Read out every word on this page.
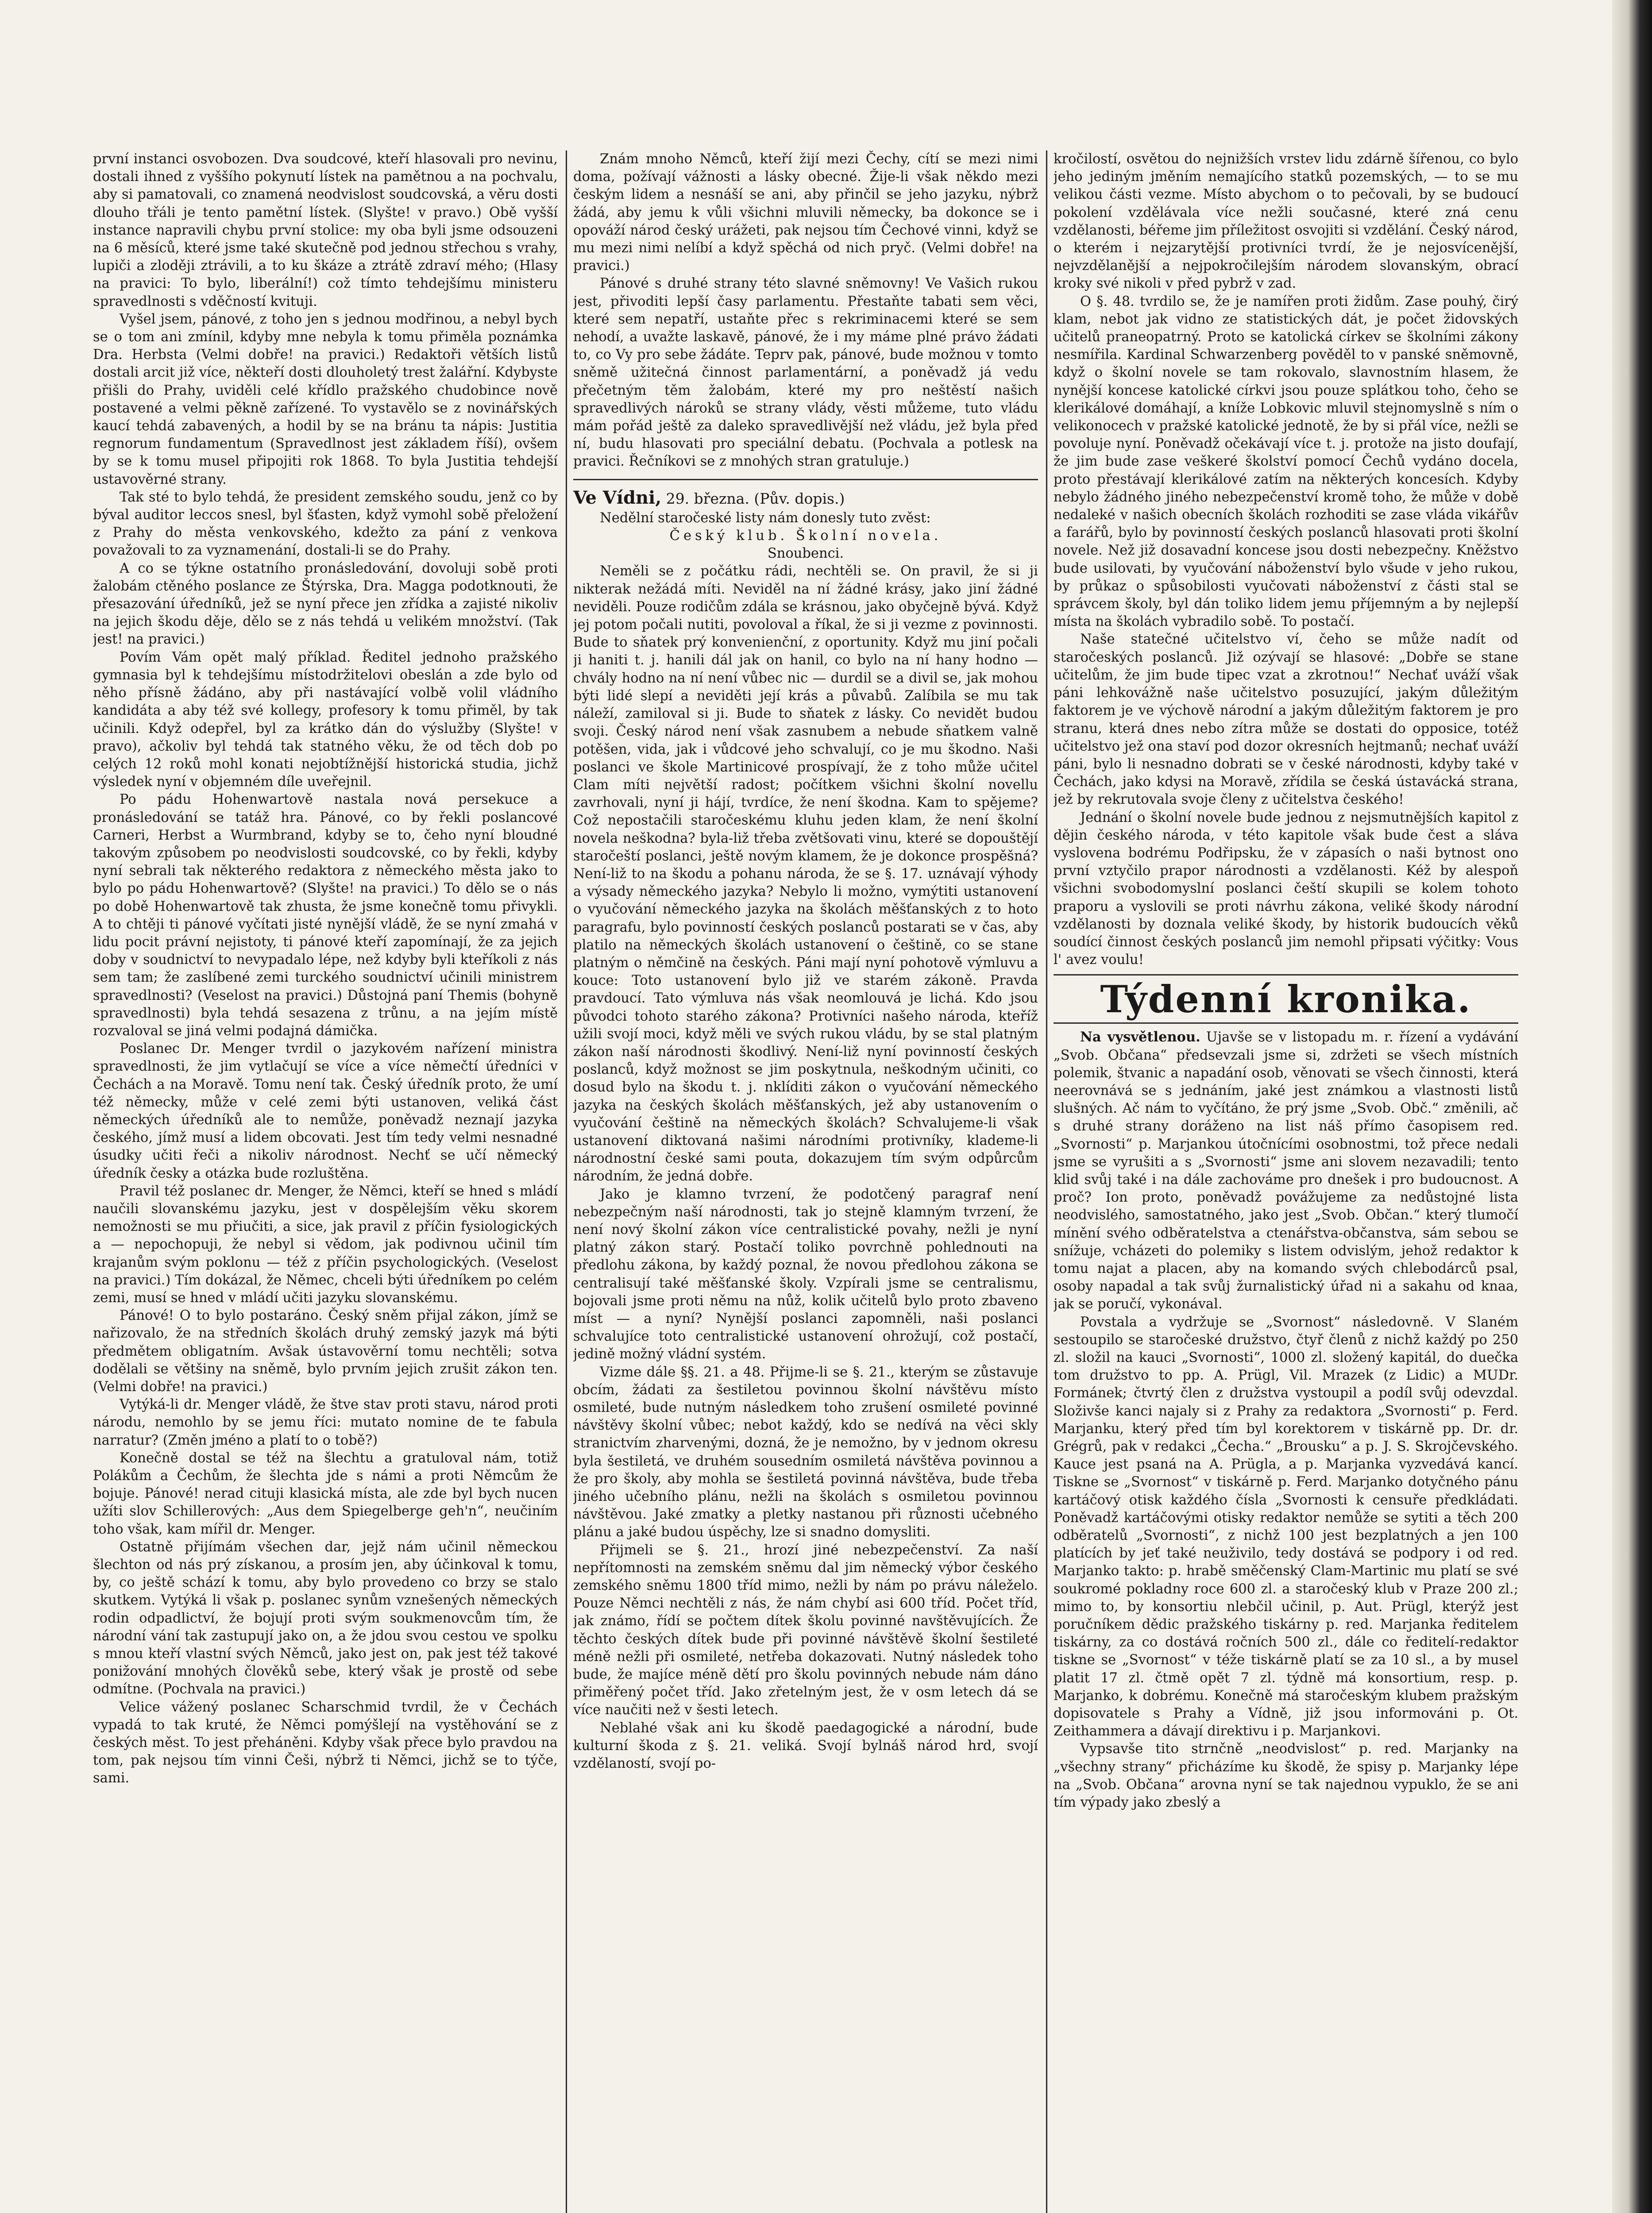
první instanci osvobozen. Dva soudcové, kteří hlasovali pro nevinu, dostali ihned z vyššího pokynutí lístek na pamětnou a na pochvalu, aby si pamatovali, co znamená neodvislost soudcovská, a věru dosti dlouho třáli je tento pamětní lístek. (Slyšte! v pravo.) Obě vyšší instance napravili chybu první stolice: my oba byli jsme odsouzeni na 6 měsíců, které jsme také skutečně pod jednou střechou s vrahy, lupiči a zloději ztrávili, a to ku škáze a ztrátě zdraví mého; (Hlasy na pravici: To bylo, liberální!) což tímto tehdejšímu ministeru spravedlnosti s vděčností kvituji.

Vyšel jsem, pánové, z toho jen s jednou modřinou, a nebyl bych se o tom ani zmínil, kdyby mne nebyla k tomu přiměla poznámka Dra. Herbsta (Velmi dobře! na pravici.) Redaktoři větších listů dostali arcit již více, někteří dosti dlouholetý trest žalářní. Kdybyste přišli do Prahy, uviděli celé křídlo pražského chudobince nově postavené a velmi pěkně zařízené. To vystavělo se z novinářských kaucí tehdá zabavených, a hodil by se na bránu ta nápis: Justitia regnorum fundamentum (Spravedlnost jest základem říší), ovšem by se k tomu musel připojiti rok 1868. To byla Justitia tehdejší ustavověrné strany.

Tak sté to bylo tehdá, že president zemského soudu, jenž co by býval auditor leccos snesl, byl šťasten, když vymohl sobě přeložení z Prahy do města venkovského, kdežto za pání z venkova považovali to za vyznamenání, dostali-li se do Prahy.

A co se týkne ostatního pronásledování, dovoluji sobě proti žalobám ctěného poslance ze Štýrska, Dra. Magga podotknouti, že přesazování úředníků, jež se nyní přece jen zřídka a zajisté nikoliv na jejich škodu děje, dělo se z nás tehdá u velikém množství. (Tak jest! na pravici.)

Povím Vám opět malý příklad. Ředitel jednoho pražského gymnasia byl k tehdejšímu místodržitelovi obeslán a zde bylo od něho přísně žádáno, aby při nastávající volbě volil vládního kandidáta a aby též své kollegy, profesory k tomu přiměl, by tak učinili. Když odepřel, byl za krátko dán do výslužby (Slyšte! v pravo), ačkoliv byl tehdá tak statného věku, že od těch dob po celých 12 roků mohl konati nejobtížnější historická studia, jichž výsledek nyní v objemném díle uveřejnil.

Po pádu Hohenwartově nastala nová persekuce a pronásledování se tatáž hra. Pánové, co by řekli poslancové Carneri, Herbst a Wurmbrand, kdyby se to, čeho nyní bloudné takovým způsobem po neodvislosti soudcovské, co by řekli, kdyby nyní sebrali tak některého redaktora z německého města jako to bylo po pádu Hohenwartově? (Slyšte! na pravici.) To dělo se o nás po době Hohenwartově tak zhusta, že jsme konečně tomu přivykli. A to chtěji ti pánové vyčítati jisté nynější vládě, že se nyní zmahá v lidu pocit právní nejistoty, ti pánové kteří zapomínají, že za jejich doby v soudnictví to nevypadalo lépe, než kdyby byli kteříkoli z nás sem tam; že zaslíbené zemi turckého soudnictví učinili ministrem spravedlnosti? (Veselost na pravici.) Důstojná paní Themis (bohyně spravedlnosti) byla tehdá sesazena z trůnu, a na jejím místě rozvaloval se jiná velmi podajná dámička.

Poslanec Dr. Menger tvrdil o jazykovém nařízení ministra spravedlnosti, že jim vytlačují se více a více němečtí úředníci v Čechách a na Moravě. Tomu není tak. Český úředník proto, že umí též německy, může v celé zemi býti ustanoven, veliká část německých úředníků ale to nemůže, poněvadž neznají jazyka českého, jímž musí a lidem obcovati. Jest tím tedy velmi nesnadné úsudky učiti řeči a nikoliv národnost. Nechť se učí německý úředník česky a otázka bude rozluštěna.

Pravil též poslanec dr. Menger, že Němci, kteří se hned s mládí naučili slovanskému jazyku, jest v dospělejším věku skorem nemožnosti se mu přiučiti, a sice, jak pravil z příčin fysiologických a — nepochopuji, že nebyl si vědom, jak podivnou učinil tím krajanům svým poklonu — též z příčin psychologických. (Veselost na pravici.) Tím dokázal, že Němec, chceli býti úředníkem po celém zemi, musí se hned v mládí učiti jazyku slovanskému.

Pánové! O to bylo postaráno. Český sněm přijal zákon, jímž se nařizovalo, že na středních školách druhý zemský jazyk má býti předmětem obligatním. Avšak ústavověrní tomu nechtěli; sotva dodělali se většiny na sněmě, bylo prvním jejich zrušit zákon ten. (Velmi dobře! na pravici.)

Vytýká-li dr. Menger vládě, že štve stav proti stavu, národ proti národu, nemohlo by se jemu říci: mutato nomine de te fabula narratur? (Změn jméno a platí to o tobě?)

Konečně dostal se též na šlechtu a gratuloval nám, totiž Polákům a Čechům, že šlechta jde s námi a proti Němcům že bojuje. Pánové! nerad cituji klasická místa, ale zde byl bych nucen užíti slov Schillerových: „Aus dem Spiegelberge geh'n“, neučiním toho však, kam mířil dr. Menger.

Ostatně přijímám všechen dar, jejž nám učinil německou šlechton od nás prý získanou, a prosím jen, aby účinkoval k tomu, by, co ještě schází k tomu, aby bylo provedeno co brzy se stalo skutkem. Vytýká li však p. poslanec synům vznešených německých rodin odpadlictví, že bojují proti svým soukmenovcům tím, že národní vání tak zastupují jako on, a že jdou svou cestou ve spolku s mnou kteří vlastní svých Němců, jako jest on, pak jest též takové ponižování mnohých člověků sebe, který však je prostě od sebe odmítne. (Pochvala na pravici.)

Velice vážený poslanec Scharschmid tvrdil, že v Čechách vypadá to tak kruté, že Němci pomýšlejí na vystěhování se z českých měst. To jest přeháněni. Kdyby však přece bylo pravdou na tom, pak nejsou tím vinni Češi, nýbrž ti Němci, jichž se to týče, sami.

Znám mnoho Němců, kteří žijí mezi Čechy, cítí se mezi nimi doma, požívají vážnosti a lásky obecné. Žije-li však někdo mezi českým lidem a nesnáší se ani, aby přinčil se jeho jazyku, nýbrž žádá, aby jemu k vůli všichni mluvili německy, ba dokonce se i opováží národ český urážeti, pak nejsou tím Čechové vinni, když se mu mezi nimi nelíbí a když spěchá od nich pryč. (Velmi dobře! na pravici.)

Pánové s druhé strany této slavné sněmovny! Ve Vašich rukou jest, přivoditi lepší časy parlamentu. Přestaňte tabati sem věci, které sem nepatří, ustaňte přec s rekriminacemi které se sem nehodí, a uvažte laskavě, pánové, že i my máme plné právo žádati to, co Vy pro sebe žádáte. Teprv pak, pánové, bude možnou v tomto sněmě užitečná činnost parlamentární, a poněvadž já vedu přečetným těm žalobám, které my pro neštěstí našich spravedlivých nároků se strany vlády, věsti můžeme, tuto vládu mám pořád ještě za daleko spravedlivější než vládu, jež byla před ní, budu hlasovati pro speciální debatu. (Pochvala a potlesk na pravici. Řečníkovi se z mnohých stran gratuluje.)

Ve Vídni, 29. března. (Pův. dopis.)

Nedělní staročeské listy nám donesly tuto zvěst:

Český klub. Školní novela.

Snoubenci.

Neměli se z počátku rádi, nechtěli se. On pravil, že si ji nikterak nežádá míti. Neviděl na ní žádné krásy, jako jiní žádné neviděli. Pouze rodičům zdála se krásnou, jako obyčejně bývá. Když jej potom počali nutiti, povoloval a říkal, že si ji vezme z povinnosti. Bude to sňatek prý konvenienční, z oportunity. Když mu jiní počali ji haniti t. j. hanili dál jak on hanil, co bylo na ní hany hodno — chvály hodno na ní není vůbec nic — durdil se a divil se, jak mohou býti lidé slepí a neviděti její krás a půvabů. Zalíbila se mu tak náleží, zamiloval si ji. Bude to sňatek z lásky. Co nevidět budou svoji. Český národ není však zasnubem a nebude sňatkem valně potěšen, vida, jak i vůdcové jeho schvalují, co je mu škodno. Naši poslanci ve škole Martinicové prospívají, že z toho může učitel Clam míti největší radost; počítkem všichni školní novellu zavrhovali, nyní ji hájí, tvrdíce, že není škodna. Kam to spějeme? Což nepostačili staročeskému kluhu jeden klam, že není školní novela neškodna? byla-liž třeba zvětšovati vinu, které se dopouštějí staročeští poslanci, ještě novým klamem, že je dokonce prospěšná? Není-liž to na škodu a pohanu národa, že se §. 17. uznávají výhody a výsady německého jazyka? Nebylo li možno, vymýtiti ustanovení o vyučování německého jazyka na školách měšťanských z to hoto paragrafu, bylo povinností českých poslanců postarati se v čas, aby platilo na německých školách ustanovení o češtině, co se stane platným o němčině na českých. Páni mají nyní pohotově výmluvu a kouce: Toto ustanovení bylo již ve starém zákoně. Pravda pravdoucí. Tato výmluva nás však neomlouvá je lichá. Kdo jsou původci tohoto starého zákona? Protivníci našeho národa, kteříž užili svojí moci, když měli ve svých rukou vládu, by se stal platným zákon naší národnosti škodlivý. Není-liž nyní povinností českých poslanců, když možnost se jim poskytnula, neškodným učiniti, co dosud bylo na škodu t. j. nklíditi zákon o vyučování německého jazyka na českých školách měšťanských, jež aby ustanovením o vyučování češtině na německých školách? Schvalujeme-li však ustanovení diktovaná našimi národními protivníky, klademe-li národnostní české sami pouta, dokazujem tím svým odpůrcům národním, že jedná dobře.

Jako je klamno tvrzení, že podotčený paragraf není nebezpečným naší národnosti, tak jo stejně klamným tvrzení, že není nový školní zákon více centralistické povahy, nežli je nyní platný zákon starý. Postačí toliko povrchně pohlednouti na předlohu zákona, by každý poznal, že novou předlohou zákona se centralisují také měšťanské školy. Vzpírali jsme se centralismu, bojovali jsme proti němu na nůž, kolik učitelů bylo proto zbaveno míst — a nyní? Nynější poslanci zapomněli, naši poslanci schvalujíce toto centralistické ustanovení ohrožují, což postačí, jedině možný vládní systém.

Vizme dále §§. 21. a 48. Přijme-li se §. 21., kterým se zůstavuje obcím, žádati za šestiletou povinnou školní návštěvu místo osmileté, bude nutným následkem toho zrušení osmileté povinné návštěvy školní vůbec; nebot každý, kdo se nedívá na věci skly stranictvím zharvenými, dozná, že je nemožno, by v jednom okresu byla šestiletá, ve druhém sousedním osmiletá návštěva povinnou a že pro školy, aby mohla se šestiletá povinná návštěva, bude třeba jiného učebního plánu, nežli na školách s osmiletou povinnou návštěvou. Jaké zmatky a pletky nastanou při různosti učebného plánu a jaké budou úspěchy, lze si snadno domysliti.

Přijmeli se §. 21., hrozí jiné nebezpečenství. Za naší nepřítomnosti na zemském sněmu dal jim německý výbor českého zemského sněmu 1800 tříd mimo, nežli by nám po právu náleželo. Pouze Němci nechtěli z nás, že nám chybí asi 600 tříd. Počet tříd, jak známo, řídí se počtem dítek školu povinné navštěvujících. Že těchto českých dítek bude při povinné návštěvě školní šestileté méně nežli při osmileté, netřeba dokazovati. Nutný následek toho bude, že majíce méně dětí pro školu povinných nebude nám dáno přiměřený počet tříd. Jako zřetelným jest, že v osm letech dá se více naučiti než v šesti letech.

Neblahé však ani ku škodě paedagogické a národní, bude kulturní škoda z §. 21. veliká. Svojí bylnáš národ hrd, svojí vzdělaností, svojí po-

kročilostí, osvětou do nejnižších vrstev lidu zdárně šířenou, co bylo jeho jediným jměním nemajícího statků pozemských, — to se mu velikou části vezme. Místo abychom o to pečovali, by se budoucí pokolení vzdělávala více nežli současné, které zná cenu vzdělanosti, béřeme jim příležitost osvojiti si vzdělání. Český národ, o kterém i nejzarytější protivníci tvrdí, že je nejosvícenější, nejvzdělanější a nejpokročilejším národem slovanským, obrací kroky své nikoli v před pybrž v zad.

O §. 48. tvrdilo se, že je namířen proti židům. Zase pouhý, čirý klam, nebot jak vidno ze statistických dát, je počet židovských učitelů praneopatrný. Proto se katolická církev se školními zákony nesmířila. Kardinal Schwarzenberg pověděl to v panské sněmovně, když o školní novele se tam rokovalo, slavnostním hlasem, že nynější koncese katolické církvi jsou pouze splátkou toho, čeho se klerikálové domáhají, a kníže Lobkovic mluvil stejnomyslně s ním o velikonocech v pražské katolické jednotě, že by si přál více, nežli se povoluje nyní. Poněvadž očekávají více t. j. protože na jisto doufají, že jim bude zase veškeré školství pomocí Čechů vydáno docela, proto přestávají klerikálové zatím na některých koncesích. Kdyby nebylo žádného jiného nebezpečenství kromě toho, že může v době nedaleké v našich obecních školách rozhoditi se zase vláda vikářův a farářů, bylo by povinností českých poslanců hlasovati proti školní novele. Než již dosavadní koncese jsou dosti nebezpečny. Kněžstvo bude usilovati, by vyučování náboženství bylo všude v jeho rukou, by průkaz o spůsobilosti vyučovati náboženství z části stal se správcem školy, byl dán toliko lidem jemu příjemným a by nejlepší místa na školách vybradilo sobě. To postačí.

Naše statečné učitelstvo ví, čeho se může nadít od staročeských poslanců. Již ozývají se hlasové: „Dobře se stane učitelům, že jim bude tipec vzat a zkrotnou!“ Nechať uváží však páni lehkovážně naše učitelstvo posuzující, jakým důležitým faktorem je ve výchově národní a jakým důležitým faktorem je pro stranu, která dnes nebo zítra může se dostati do opposice, totéž učitelstvo jež ona staví pod dozor okresních hejtmanů; nechať uváží páni, bylo li nesnadno dobrati se v české národnosti, kdyby také v Čechách, jako kdysi na Moravě, zřídila se česká ústavácká strana, jež by rekrutovala svoje členy z učitelstva českého!

Jednání o školní novele bude jednou z nejsmutnějších kapitol z dějin českého národa, v této kapitole však bude čest a sláva vyslovena bodrému Podřipsku, že v zápasích o naši bytnost ono první vztyčilo prapor národnosti a vzdělanosti. Kéž by alespoň všichni svobodomyslní poslanci čeští skupili se kolem tohoto praporu a vyslovili se proti návrhu zákona, veliké škody národní vzdělanosti by doznala veliké škody, by historik budoucích věků soudící činnost českých poslanců jim nemohl připsati výčitky: Vous l' avez voulu!

Týdenní kronika.

Na vysvětlenou. Ujavše se v listopadu m. r. řízení a vydávání „Svob. Občana“ předsevzali jsme si, zdržeti se všech místních polemik, štvanic a napadání osob, věnovati se všech činnosti, která neerovnává se s jednáním, jaké jest známkou a vlastnosti listů slušných. Ač nám to vyčítáno, že prý jsme „Svob. Obč.“ změnili, ač s druhé strany doráženo na list náš přímo časopisem red. „Svornosti“ p. Marjankou útočnícími osobnostmi, tož přece nedali jsme se vyrušiti a s „Svornosti“ jsme ani slovem nezavadili; tento klid svůj také i na dále zachováme pro dnešek i pro budoucnost. A proč? Ion proto, poněvadž povážujeme za nedůstojné lista neodvislého, samostatného, jako jest „Svob. Občan.“ který tlumočí mínění svého odběratelstva a ctenářstva-občanstva, sám sebou se snížuje, vcházeti do polemiky s listem odvislým, jehož redaktor k tomu najat a placen, aby na komando svých chlebodárců psal, osoby napadal a tak svůj žurnalistický úřad ni a sakahu od knaa, jak se poručí, vykonával.

Povstala a vydržuje se „Svornost“ následovně. V Slaném sestoupilo se staročeské družstvo, čtyř členů z nichž každý po 250 zl. složil na kauci „Svornosti“, 1000 zl. složený kapitál, do duečka tom družstvo to pp. A. Prügl, Vil. Mrazek (z Lidic) a MUDr. Formánek; čtvrtý člen z družstva vystoupil a podíl svůj odevzdal. Složivše kanci najaly si z Prahy za redaktora „Svornosti“ p. Ferd. Marjanku, který před tím byl korektorem v tiskárně pp. Dr. dr. Grégrů, pak v redakci „Čecha.“ „Brousku“ a p. J. S. Skrojčevského. Kauce jest psaná na A. Prügla, a p. Marjanka vyzvedává kancí. Tiskne se „Svornost“ v tiskárně p. Ferd. Marjanko dotyčného pánu kartáčový otisk každého čísla „Svornosti k censuře předkládati. Poněvadž kartáčovými otisky redaktor nemůže se sytiti a těch 200 odběratelů „Svornosti“, z nichž 100 jest bezplatných a jen 100 platících by jeť také neuživilo, tedy dostává se podpory i od red. Marjanko takto: p. hrabě směčenský Clam-Martinic mu platí se své soukromé pokladny roce 600 zl. a staročeský klub v Praze 200 zl.; mimo to, by konsortiu nlebčil učinil, p. Aut. Prügl, kterýž jest poručníkem dědic pražského tiskárny p. red. Marjanka ředitelem tiskárny, za co dostává ročních 500 zl., dále co ředitelí-redaktor tiskne se „Svornost“ v téže tiskárně platí se za 10 sl., a by musel platit 17 zl. čtmě opět 7 zl. týdně má konsortium, resp. p. Marjanko, k dobrému. Konečně má staročeským klubem pražským dopisovatele s Prahy a Vídně, již jsou informováni p. Ot. Zeithammera a dávají direktivu i p. Marjankovi.

Vypsavše tito strnčně „neodvislost“ p. red. Marjanky na „všechny strany“ přicházíme ku škodě, že spisy p. Marjanky lépe na „Svob. Občana“ arovna nyní se tak najednou vypuklo, že se ani tím výpady jako zbeslý a
